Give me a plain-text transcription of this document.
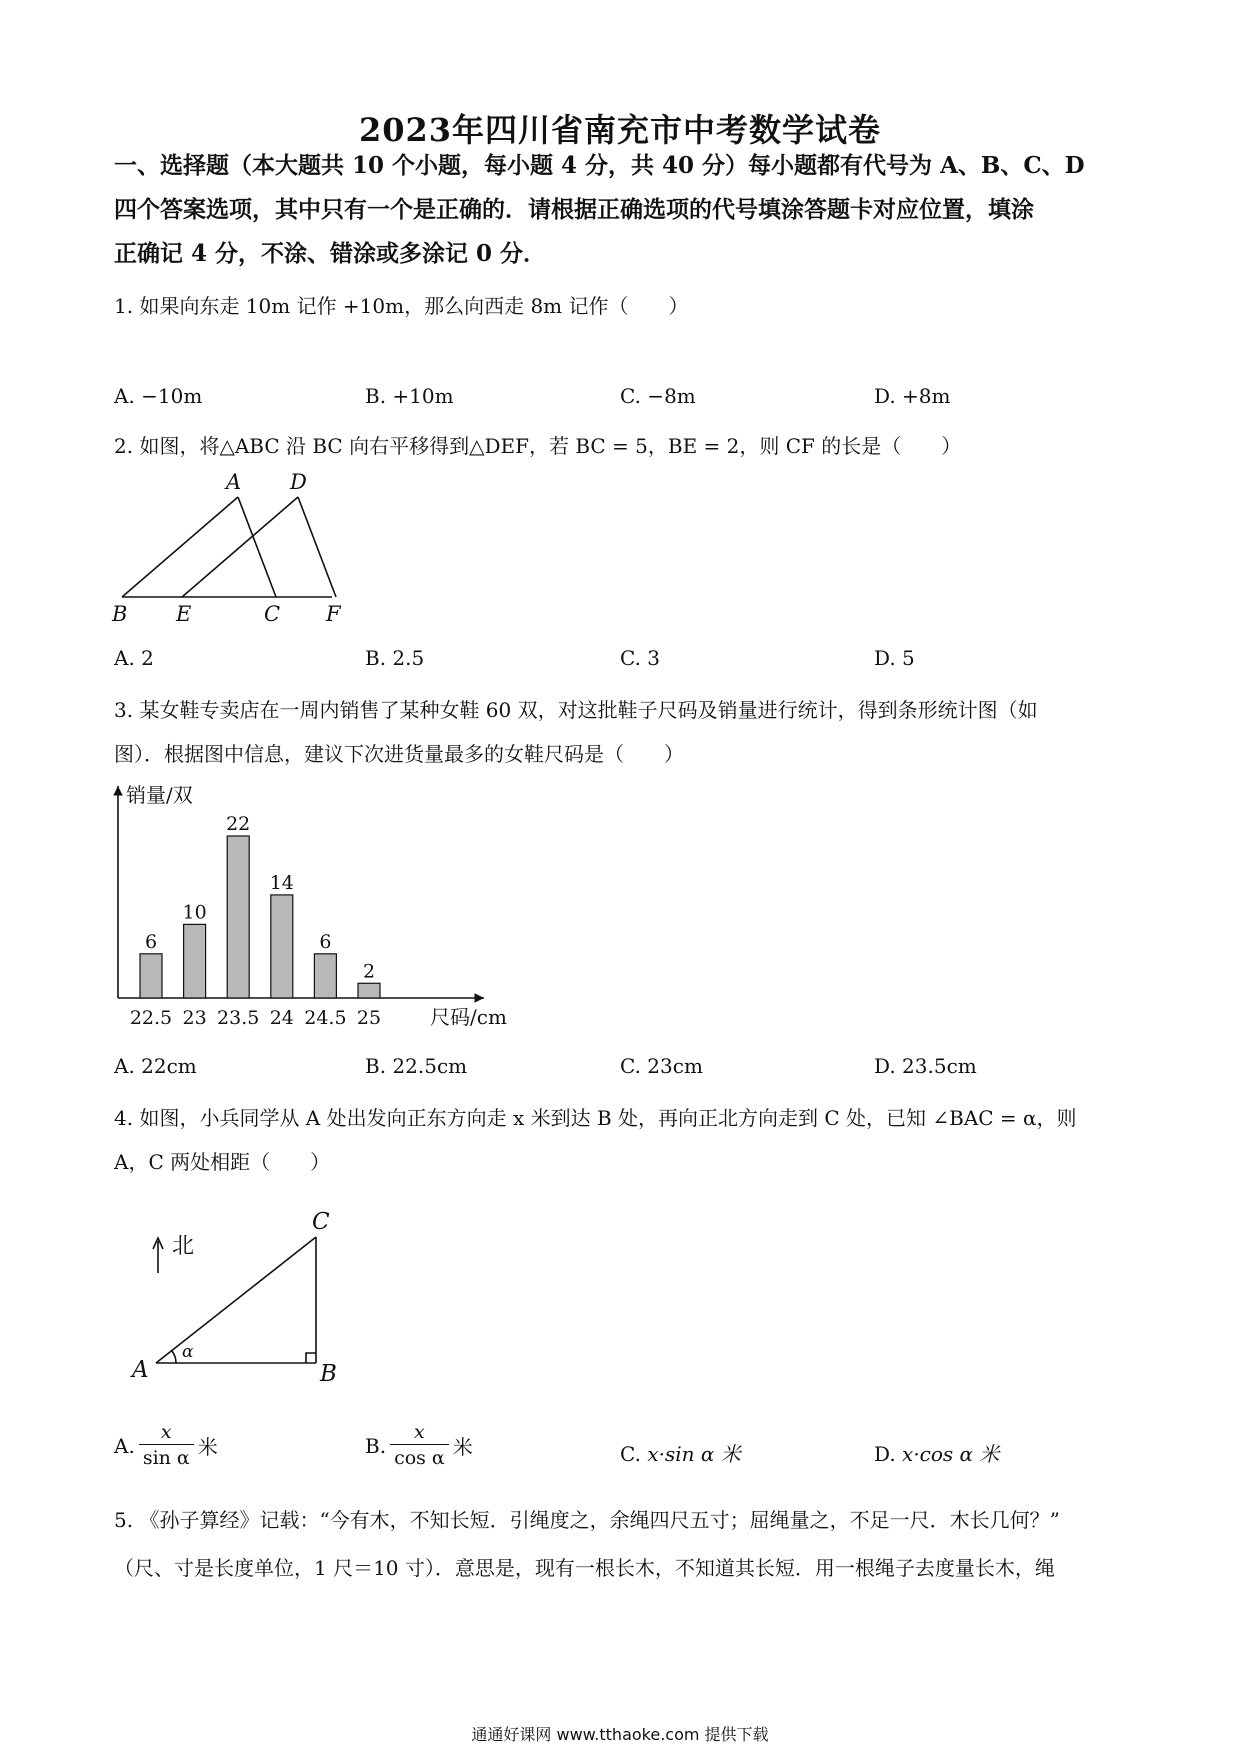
2023年四川省南充市中考数学试卷
一、选择题（本大题共 10 个小题，每小题 4 分，共 40 分）每小题都有代号为 A、B、C、D
四个答案选项，其中只有一个是正确的．请根据正确选项的代号填涂答题卡对应位置，填涂
正确记 4 分，不涂、错涂或多涂记 0 分．
1. 如果向东走 10m 记作 +10m，那么向西走 8m 记作（　　）
A. −10m	B. +10m	C. −8m	D. +8m
2. 如图，将△ABC 沿 BC 向右平移得到△DEF，若 BC = 5，BE = 2，则 CF 的长是（　　）
A D
B E	C F
A. 2	B. 2.5	C. 3	D. 5
3. 某女鞋专卖店在一周内销售了某种女鞋 60 双，对这批鞋子尺码及销量进行统计，得到条形统计图（如
图）．根据图中信息，建议下次进货量最多的女鞋尺码是（　　）
销量/双
尺码/cm
6
22.5
10
23
22
23.5
14
24
6
24.5
2
25
A. 22cm	B. 22.5cm	C. 23cm	D. 23.5cm
4. 如图，小兵同学从 A 处出发向正东方向走 x 米到达 B 处，再向正北方向走到 C 处，已知 ∠BAC = α，则
A，C 两处相距（　　）
北
A	B
C
α
A. $\frac{x}{\text{sin α}}$ 米	B. $\frac{x}{\text{cos α}}$ 米	C. x·sin α 米	D. x·cos α 米
5. 《孙子算经》记载：“今有木，不知长短．引绳度之，余绳四尺五寸；屈绳量之，不足一尺．木长几何？”
（尺、寸是长度单位，1 尺＝10 寸）．意思是，现有一根长木，不知道其长短．用一根绳子去度量长木，绳
通通好课网 www.tthaoke.com 提供下载
